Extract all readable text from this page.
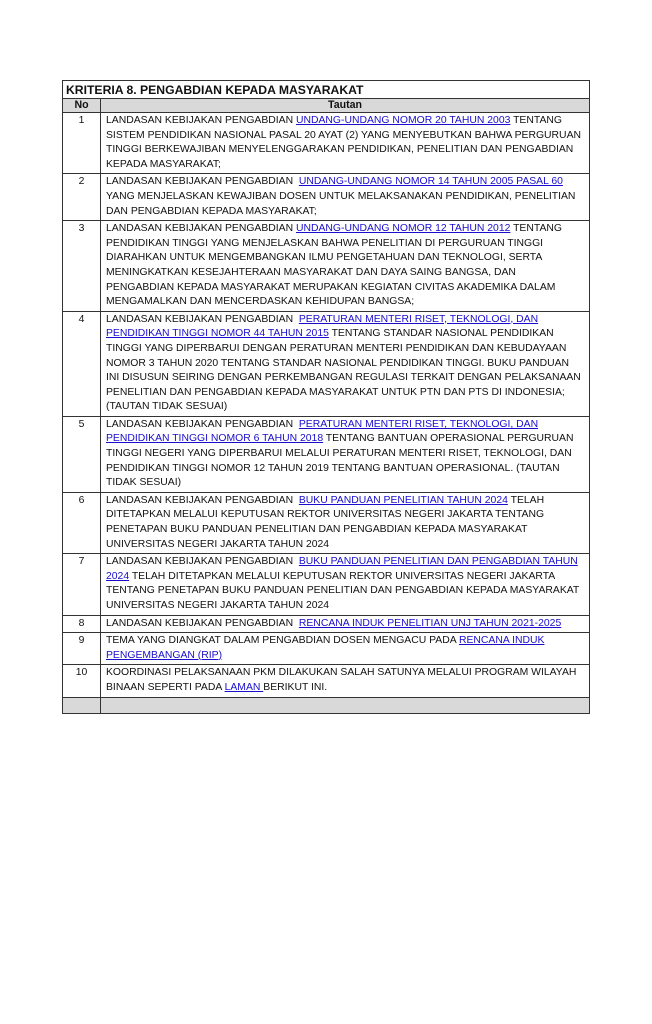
KRITERIA 8. PENGABDIAN KEPADA MASYARAKAT	
No	Tautan
1	LANDASAN KEBIJAKAN PENGABDIAN UNDANG-UNDANG NOMOR 20 TAHUN 2003 TENTANG SISTEM PENDIDIKAN NASIONAL PASAL 20 AYAT (2) YANG MENYEBUTKAN BAHWA PERGURUAN TINGGI BERKEWAJIBAN MENYELENGGARAKAN PENDIDIKAN, PENELITIAN DAN PENGABDIAN KEPADA MASYARAKAT;
2	LANDASAN KEBIJAKAN PENGABDIAN  UNDANG-UNDANG NOMOR 14 TAHUN 2005 PASAL 60 YANG MENJELASKAN KEWAJIBAN DOSEN UNTUK MELAKSANAKAN PENDIDIKAN, PENELITIAN DAN PENGABDIAN KEPADA MASYARAKAT;
3	LANDASAN KEBIJAKAN PENGABDIAN UNDANG-UNDANG NOMOR 12 TAHUN 2012 TENTANG PENDIDIKAN TINGGI YANG MENJELASKAN BAHWA PENELITIAN DI PERGURUAN TINGGI DIARAHKAN UNTUK MENGEMBANGKAN ILMU PENGETAHUAN DAN TEKNOLOGI, SERTA MENINGKATKAN KESEJAHTERAAN MASYARAKAT DAN DAYA SAING BANGSA, DAN PENGABDIAN KEPADA MASYARAKAT MERUPAKAN KEGIATAN CIVITAS AKADEMIKA DALAM MENGAMALKAN DAN MENCERDASKAN KEHIDUPAN BANGSA;
4	LANDASAN KEBIJAKAN PENGABDIAN  PERATURAN MENTERI RISET, TEKNOLOGI, DAN PENDIDIKAN TINGGI NOMOR 44 TAHUN 2015 TENTANG STANDAR NASIONAL PENDIDIKAN TINGGI YANG DIPERBARUI DENGAN PERATURAN MENTERI PENDIDIKAN DAN KEBUDAYAAN NOMOR 3 TAHUN 2020 TENTANG STANDAR NASIONAL PENDIDIKAN TINGGI. BUKU PANDUAN INI DISUSUN SEIRING DENGAN PERKEMBANGAN REGULASI TERKAIT DENGAN PELAKSANAAN PENELITIAN DAN PENGABDIAN KEPADA MASYARAKAT UNTUK PTN DAN PTS DI INDONESIA; (TAUTAN TIDAK SESUAI)
5	LANDASAN KEBIJAKAN PENGABDIAN  PERATURAN MENTERI RISET, TEKNOLOGI, DAN PENDIDIKAN TINGGI NOMOR 6 TAHUN 2018 TENTANG BANTUAN OPERASIONAL PERGURUAN TINGGI NEGERI YANG DIPERBARUI MELALUI PERATURAN MENTERI RISET, TEKNOLOGI, DAN PENDIDIKAN TINGGI NOMOR 12 TAHUN 2019 TENTANG BANTUAN OPERASIONAL. (TAUTAN TIDAK SESUAI)
6	LANDASAN KEBIJAKAN PENGABDIAN  BUKU PANDUAN PENELITIAN TAHUN 2024 TELAH DITETAPKAN MELALUI KEPUTUSAN REKTOR UNIVERSITAS NEGERI JAKARTA TENTANG PENETAPAN BUKU PANDUAN PENELITIAN DAN PENGABDIAN KEPADA MASYARAKAT UNIVERSITAS NEGERI JAKARTA TAHUN 2024
7	LANDASAN KEBIJAKAN PENGABDIAN  BUKU PANDUAN PENELITIAN DAN PENGABDIAN TAHUN 2024 TELAH DITETAPKAN MELALUI KEPUTUSAN REKTOR UNIVERSITAS NEGERI JAKARTA TENTANG PENETAPAN BUKU PANDUAN PENELITIAN DAN PENGABDIAN KEPADA MASYARAKAT UNIVERSITAS NEGERI JAKARTA TAHUN 2024
8	LANDASAN KEBIJAKAN PENGABDIAN  RENCANA INDUK PENELITIAN UNJ TAHUN 2021-2025
9	TEMA YANG DIANGKAT DALAM PENGABDIAN DOSEN MENGACU PADA RENCANA INDUK PENGEMBANGAN (RIP)
10	KOORDINASI PELAKSANAAN PKM DILAKUKAN SALAH SATUNYA MELALUI PROGRAM WILAYAH BINAAN SEPERTI PADA LAMAN BERIKUT INI.
